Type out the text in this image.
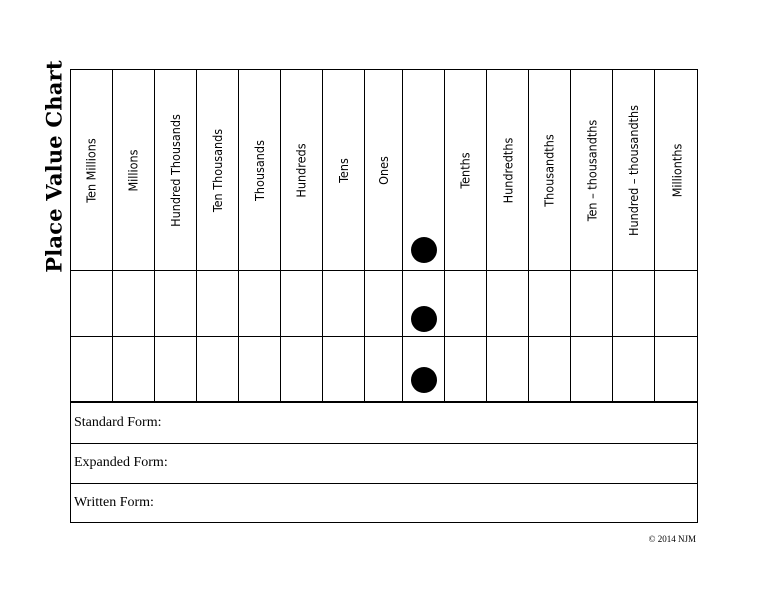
Place Value Chart Ten Millions Millions Hundred Thousands Ten Thousands Thousands Hundreds Tens Ones	Tenths Hundredths Thousandths Ten – thousandths Hundred – thousandths Millionths
Standard Form:
Expanded Form:
Written Form:
© 2014 NJM
